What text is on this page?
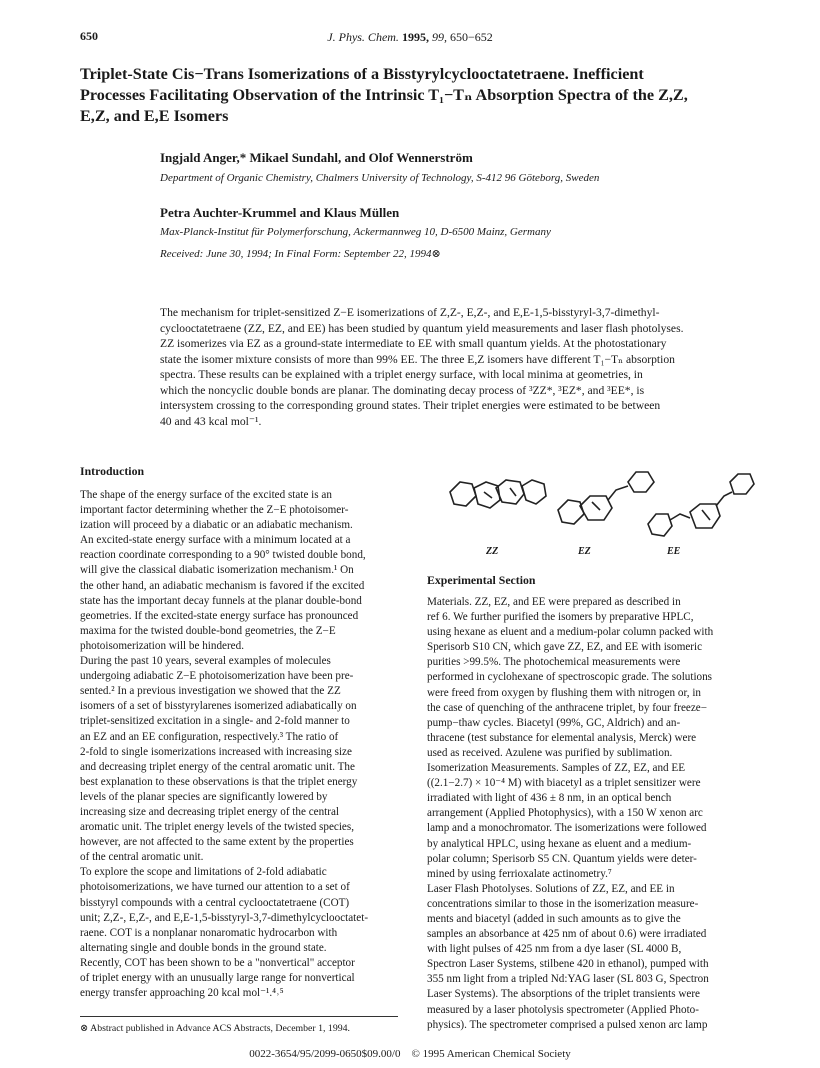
650	J. Phys. Chem. 1995, 99, 650−652
Triplet-State Cis−Trans Isomerizations of a Bisstyrylcyclooctatetraene. Inefficient
Processes Facilitating Observation of the Intrinsic T₁−Tₙ Absorption Spectra of the Z,Z,
E,Z, and E,E Isomers
Ingjald Anger,* Mikael Sundahl, and Olof Wennerström
Department of Organic Chemistry, Chalmers University of Technology, S-412 96 Göteborg, Sweden
Petra Auchter-Krummel and Klaus Müllen
Max-Planck-Institut für Polymerforschung, Ackermannweg 10, D-6500 Mainz, Germany
Received: June 30, 1994; In Final Form: September 22, 1994⊗
The mechanism for triplet-sensitized Z−E isomerizations of Z,Z-, E,Z-, and E,E-1,5-bisstyryl-3,7-dimethyl-
cyclooctatetraene (ZZ, EZ, and EE) has been studied by quantum yield measurements and laser flash photolyses.
ZZ isomerizes via EZ as a ground-state intermediate to EE with small quantum yields. At the photostationary
state the isomer mixture consists of more than 99% EE. The three E,Z isomers have different T₁−Tₙ absorption
spectra. These results can be explained with a triplet energy surface, with local minima at geometries, in
which the noncyclic double bonds are planar. The dominating decay process of ³ZZ*, ³EZ*, and ³EE*, is
intersystem crossing to the corresponding ground states. Their triplet energies were estimated to be between
40 and 43 kcal mol⁻¹.
Introduction
The shape of the energy surface of the excited state is an
important factor determining whether the Z−E photoisomer-
ization will proceed by a diabatic or an adiabatic mechanism.
An excited-state energy surface with a minimum located at a
reaction coordinate corresponding to a 90° twisted double bond,
will give the classical diabatic isomerization mechanism.¹ On
the other hand, an adiabatic mechanism is favored if the excited
state has the important decay funnels at the planar double-bond
geometries. If the excited-state energy surface has pronounced
maxima for the twisted double-bond geometries, the Z−E
photoisomerization will be hindered.
During the past 10 years, several examples of molecules
undergoing adiabatic Z−E photoisomerization have been pre-
sented.² In a previous investigation we showed that the ZZ
isomers of a set of bisstyrylarenes isomerized adiabatically on
triplet-sensitized excitation in a single- and 2-fold manner to
an EZ and an EE configuration, respectively.³ The ratio of
2-fold to single isomerizations increased with increasing size
and decreasing triplet energy of the central aromatic unit. The
best explanation to these observations is that the triplet energy
levels of the planar species are significantly lowered by
increasing size and decreasing triplet energy of the central
aromatic unit. The triplet energy levels of the twisted species,
however, are not affected to the same extent by the properties
of the central aromatic unit.
To explore the scope and limitations of 2-fold adiabatic
photoisomerizations, we have turned our attention to a set of
bisstyryl compounds with a central cyclooctatetraene (COT)
unit; Z,Z-, E,Z-, and E,E-1,5-bisstyryl-3,7-dimethylcyclooctatet-
raene. COT is a nonplanar nonaromatic hydrocarbon with
alternating single and double bonds in the ground state.
Recently, COT has been shown to be a "nonvertical" acceptor
of triplet energy with an unusually large range for nonvertical
energy transfer approaching 20 kcal mol⁻¹.⁴˒⁵
ZZ	EZ	EE
Experimental Section
Materials. ZZ, EZ, and EE were prepared as described in
ref 6. We further purified the isomers by preparative HPLC,
using hexane as eluent and a medium-polar column packed with
Sperisorb S10 CN, which gave ZZ, EZ, and EE with isomeric
purities >99.5%. The photochemical measurements were
performed in cyclohexane of spectroscopic grade. The solutions
were freed from oxygen by flushing them with nitrogen or, in
the case of quenching of the anthracene triplet, by four freeze−
pump−thaw cycles. Biacetyl (99%, GC, Aldrich) and an-
thracene (test substance for elemental analysis, Merck) were
used as received. Azulene was purified by sublimation.
Isomerization Measurements. Samples of ZZ, EZ, and EE
((2.1−2.7) × 10⁻⁴ M) with biacetyl as a triplet sensitizer were
irradiated with light of 436 ± 8 nm, in an optical bench
arrangement (Applied Photophysics), with a 150 W xenon arc
lamp and a monochromator. The isomerizations were followed
by analytical HPLC, using hexane as eluent and a medium-
polar column; Sperisorb S5 CN. Quantum yields were deter-
mined by using ferrioxalate actinometry.⁷
Laser Flash Photolyses. Solutions of ZZ, EZ, and EE in
concentrations similar to those in the isomerization measure-
ments and biacetyl (added in such amounts as to give the
samples an absorbance at 425 nm of about 0.6) were irradiated
with light pulses of 425 nm from a dye laser (SL 4000 B,
Spectron Laser Systems, stilbene 420 in ethanol), pumped with
355 nm light from a tripled Nd:YAG laser (SL 803 G, Spectron
Laser Systems). The absorptions of the triplet transients were
measured by a laser photolysis spectrometer (Applied Photo-
physics). The spectrometer comprised a pulsed xenon arc lamp
⊗ Abstract published in Advance ACS Abstracts, December 1, 1994.
0022-3654/95/2099-0650$09.00/0 © 1995 American Chemical Society
